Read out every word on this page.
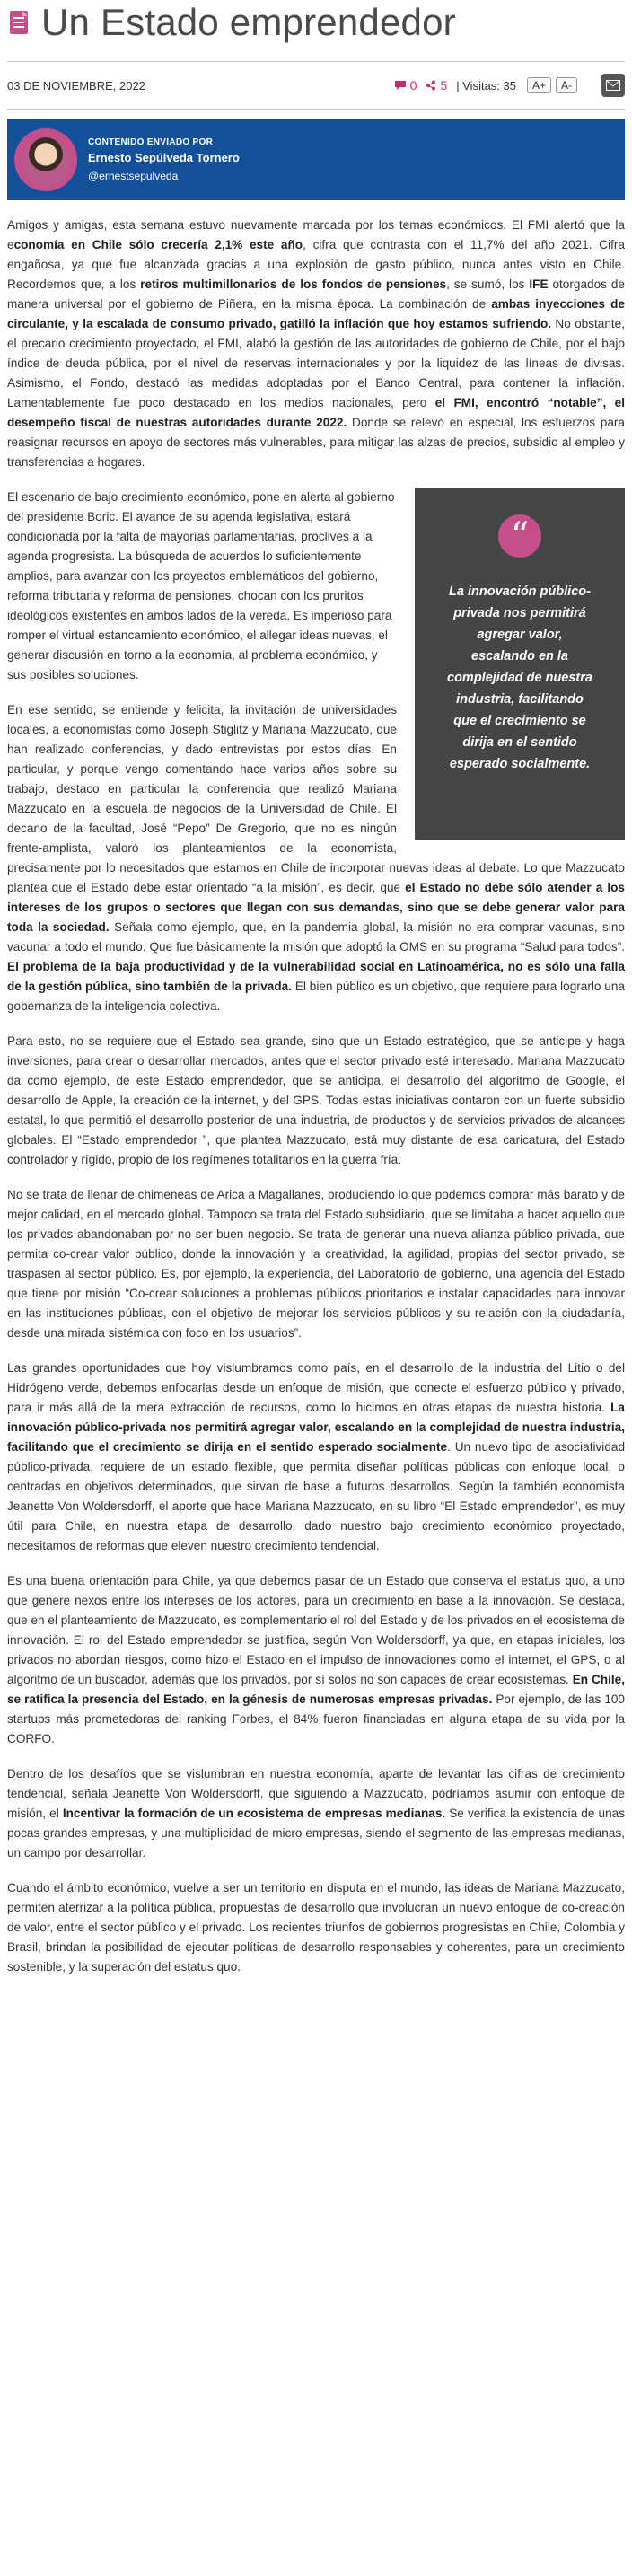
Un Estado emprendedor
03 DE NOVIEMBRE, 2022	0 5 | Visitas: 35	A+	A-
CONTENIDO ENVIADO POR
Ernesto Sepúlveda Tornero
@ernestsepulveda

Amigos y amigas, esta semana estuvo nuevamente marcada por los temas económicos. El FMI alertó que la economía en Chile sólo crecería 2,1% este año, cifra que contrasta con el 11,7% del año 2021. Cifra engañosa, ya que fue alcanzada gracias a una explosión de gasto público, nunca antes visto en Chile. Recordemos que, a los retiros multimillonarios de los fondos de pensiones, se sumó, los IFE otorgados de manera universal por el gobierno de Piñera, en la misma época. La combinación de ambas inyecciones de circulante, y la escalada de consumo privado, gatilló la inflación que hoy estamos sufriendo. No obstante, el precario crecimiento proyectado, el FMI, alabó la gestión de las autoridades de gobierno de Chile, por el bajo índice de deuda pública, por el nivel de reservas internacionales y por la liquidez de las líneas de divisas. Asimismo, el Fondo, destacó las medidas adoptadas por el Banco Central, para contener la inflación. Lamentablemente fue poco destacado en los medios nacionales, pero el FMI, encontró “notable”, el desempeño fiscal de nuestras autoridades durante 2022. Donde se relevó en especial, los esfuerzos para reasignar recursos en apoyo de sectores más vulnerables, para mitigar las alzas de precios, subsidio al empleo y transferencias a hogares.

“
La innovación público-privada nos permitirá agregar valor, escalando en la complejidad de nuestra industria, facilitando que el crecimiento se dirija en el sentido esperado socialmente.

El escenario de bajo crecimiento económico, pone en alerta al gobierno del presidente Boric. El avance de su agenda legislativa, estará condicionada por la falta de mayorías parlamentarias, proclives a la agenda progresista. La búsqueda de acuerdos lo suficientemente amplios, para avanzar con los proyectos emblemáticos del gobierno, reforma tributaria y reforma de pensiones, chocan con los pruritos ideológicos existentes en ambos lados de la vereda. Es imperioso para romper el virtual estancamiento económico, el allegar ideas nuevas, el generar discusión en torno a la economía, al problema económico, y sus posibles soluciones.

En ese sentido, se entiende y felicita, la invitación de universidades locales, a economistas como Joseph Stiglitz y Mariana Mazzucato, que han realizado conferencias, y dado entrevistas por estos días. En particular, y porque vengo comentando hace varios años sobre su trabajo, destaco en particular la conferencia que realizó Mariana Mazzucato en la escuela de negocios de la Universidad de Chile. El decano de la facultad, José “Pepo” De Gregorio, que no es ningún frente-amplista, valoró los planteamientos de la economista, precisamente por lo necesitados que estamos en Chile de incorporar nuevas ideas al debate. Lo que Mazzucato plantea que el Estado debe estar orientado “a la misión”, es decir, que el Estado no debe sólo atender a los intereses de los grupos o sectores que llegan con sus demandas, sino que se debe generar valor para toda la sociedad. Señala como ejemplo, que, en la pandemia global, la misión no era comprar vacunas, sino vacunar a todo el mundo. Que fue básicamente la misión que adoptó la OMS en su programa “Salud para todos”. El problema de la baja productividad y de la vulnerabilidad social en Latinoamérica, no es sólo una falla de la gestión pública, sino también de la privada. El bien público es un objetivo, que requiere para lograrlo una gobernanza de la inteligencia colectiva.

Para esto, no se requiere que el Estado sea grande, sino que un Estado estratégico, que se anticipe y haga inversiones, para crear o desarrollar mercados, antes que el sector privado esté interesado. Mariana Mazzucato da como ejemplo, de este Estado emprendedor, que se anticipa, el desarrollo del algoritmo de Google, el desarrollo de Apple, la creación de la internet, y del GPS. Todas estas iniciativas contaron con un fuerte subsidio estatal, lo que permitió el desarrollo posterior de una industria, de productos y de servicios privados de alcances globales. El “Estado emprendedor ”, que plantea Mazzucato, está muy distante de esa caricatura, del Estado controlador y rígido, propio de los regímenes totalitarios en la guerra fría.

No se trata de llenar de chimeneas de Arica a Magallanes, produciendo lo que podemos comprar más barato y de mejor calidad, en el mercado global. Tampoco se trata del Estado subsidiario, que se limitaba a hacer aquello que los privados abandonaban por no ser buen negocio. Se trata de generar una nueva alianza público privada, que permita co-crear valor público, donde la innovación y la creatividad, la agilidad, propias del sector privado, se traspasen al sector público. Es, por ejemplo, la experiencia, del Laboratorio de gobierno, una agencia del Estado que tiene por misión “Co-crear soluciones a problemas públicos prioritarios e instalar capacidades para innovar en las instituciones públicas, con el objetivo de mejorar los servicios públicos y su relación con la ciudadanía, desde una mirada sistémica con foco en los usuarios”.

Las grandes oportunidades que hoy vislumbramos como país, en el desarrollo de la industria del Litio o del Hidrógeno verde, debemos enfocarlas desde un enfoque de misión, que conecte el esfuerzo público y privado, para ir más allá de la mera extracción de recursos, como lo hicimos en otras etapas de nuestra historia. La innovación público-privada nos permitirá agregar valor, escalando en la complejidad de nuestra industria, facilitando que el crecimiento se dirija en el sentido esperado socialmente. Un nuevo tipo de asociatividad público-privada, requiere de un estado flexible, que permita diseñar políticas públicas con enfoque local, o centradas en objetivos determinados, que sirvan de base a futuros desarrollos. Según la también economista Jeanette Von Woldersdorff, el aporte que hace Mariana Mazzucato, en su libro “El Estado emprendedor”, es muy útil para Chile, en nuestra etapa de desarrollo, dado nuestro bajo crecimiento económico proyectado, necesitamos de reformas que eleven nuestro crecimiento tendencial.

Es una buena orientación para Chile, ya que debemos pasar de un Estado que conserva el estatus quo, a uno que genere nexos entre los intereses de los actores, para un crecimiento en base a la innovación. Se destaca, que en el planteamiento de Mazzucato, es complementario el rol del Estado y de los privados en el ecosistema de innovación. El rol del Estado emprendedor se justifica, según Von Woldersdorff, ya que, en etapas iniciales, los privados no abordan riesgos, como hizo el Estado en el impulso de innovaciones como el internet, el GPS, o al algoritmo de un buscador, además que los privados, por sí solos no son capaces de crear ecosistemas. En Chile, se ratifica la presencia del Estado, en la génesis de numerosas empresas privadas. Por ejemplo, de las 100 startups más prometedoras del ranking Forbes, el 84% fueron financiadas en alguna etapa de su vida por la CORFO.

Dentro de los desafíos que se vislumbran en nuestra economía, aparte de levantar las cifras de crecimiento tendencial, señala Jeanette Von Woldersdorff, que siguiendo a Mazzucato, podríamos asumir con enfoque de misión, el Incentivar la formación de un ecosistema de empresas medianas. Se verifica la existencia de unas pocas grandes empresas, y una multiplicidad de micro empresas, siendo el segmento de las empresas medianas, un campo por desarrollar.

Cuando el ámbito económico, vuelve a ser un territorio en disputa en el mundo, las ideas de Mariana Mazzucato, permiten aterrizar a la política pública, propuestas de desarrollo que involucran un nuevo enfoque de co-creación de valor, entre el sector público y el privado. Los recientes triunfos de gobiernos progresistas en Chile, Colombia y Brasil, brindan la posibilidad de ejecutar políticas de desarrollo responsables y coherentes, para un crecimiento sostenible, y la superación del estatus quo.
